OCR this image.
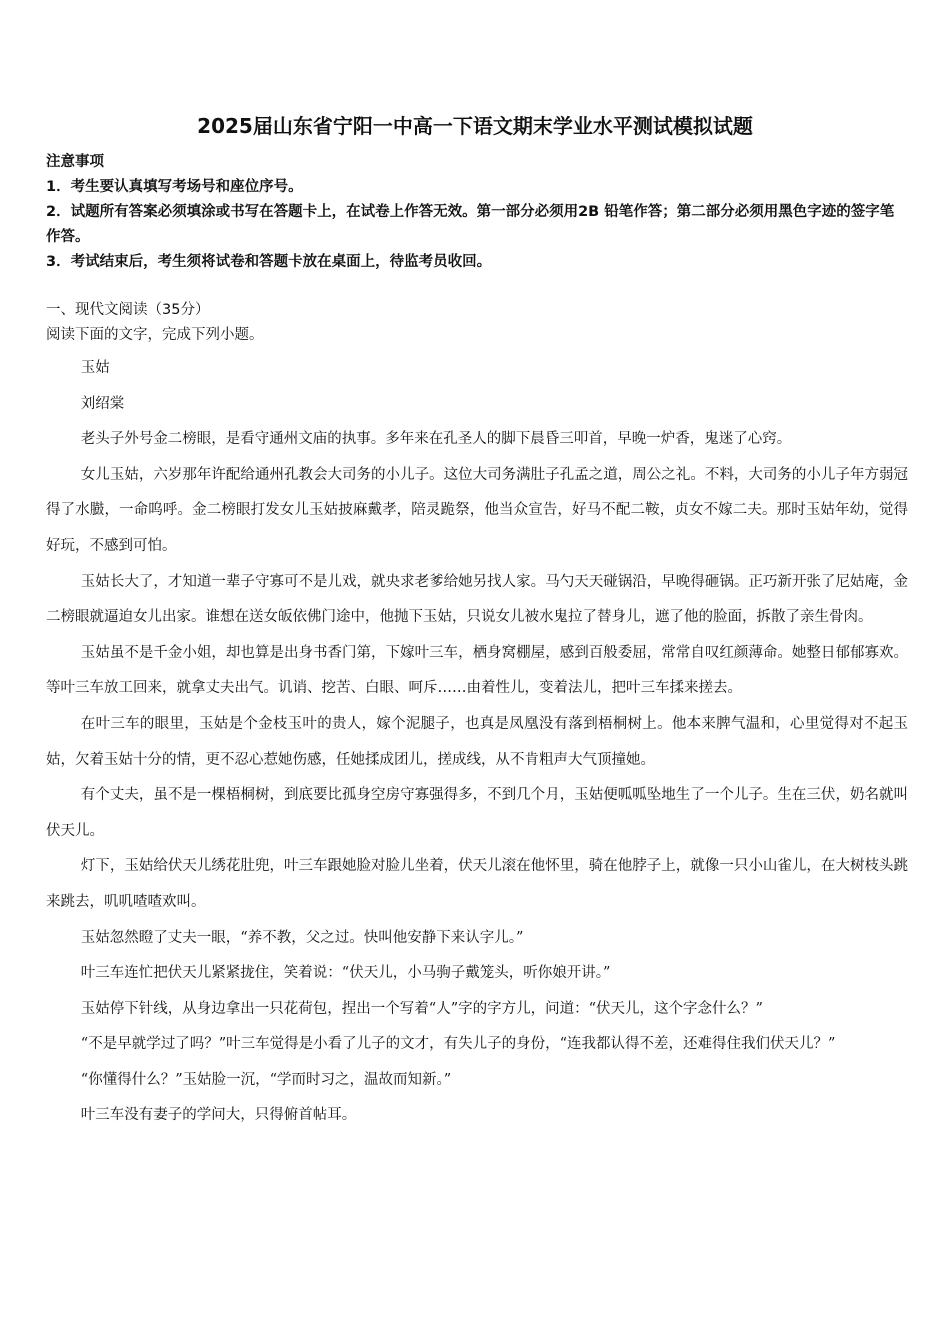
2025届山东省宁阳一中高一下语文期末学业水平测试模拟试题

注意事项

1．考生要认真填写考场号和座位序号。

2．试题所有答案必须填涂或书写在答题卡上，在试卷上作答无效。第一部分必须用2B 铅笔作答；第二部分必须用黑色字迹的签字笔作答。

3．考试结束后，考生须将试卷和答题卡放在桌面上，待监考员收回。

一、现代文阅读（35分）

阅读下面的文字，完成下列小题。

玉姑

刘绍棠

老头子外号金二榜眼，是看守通州文庙的执事。多年来在孔圣人的脚下晨昏三叩首，早晚一炉香，鬼迷了心窍。

女儿玉姑，六岁那年许配给通州孔教会大司务的小儿子。这位大司务满肚子孔孟之道，周公之礼。不料，大司务的小儿子年方弱冠得了水臌，一命呜呼。金二榜眼打发女儿玉姑披麻戴孝，陪灵跪祭，他当众宣告，好马不配二鞍，贞女不嫁二夫。那时玉姑年幼，觉得好玩，不感到可怕。

玉姑长大了，才知道一辈子守寡可不是儿戏，就央求老爹给她另找人家。马勺天天碰锅沿，早晚得砸锅。正巧新开张了尼姑庵，金二榜眼就逼迫女儿出家。谁想在送女皈依佛门途中，他抛下玉姑，只说女儿被水鬼拉了替身儿，遮了他的脸面，拆散了亲生骨肉。

玉姑虽不是千金小姐，却也算是出身书香门第，下嫁叶三车，栖身窝棚屋，感到百般委屈，常常自叹红颜薄命。她整日郁郁寡欢。等叶三车放工回来，就拿丈夫出气。讥诮、挖苦、白眼、呵斥……由着性儿，变着法儿，把叶三车揉来搓去。

在叶三车的眼里，玉姑是个金枝玉叶的贵人，嫁个泥腿子，也真是凤凰没有落到梧桐树上。他本来脾气温和，心里觉得对不起玉姑，欠着玉姑十分的情，更不忍心惹她伤感，任她揉成团儿，搓成线，从不肯粗声大气顶撞她。

有个丈夫，虽不是一棵梧桐树，到底要比孤身空房守寡强得多，不到几个月，玉姑便呱呱坠地生了一个儿子。生在三伏，奶名就叫伏天儿。

灯下，玉姑给伏天儿绣花肚兜，叶三车跟她脸对脸儿坐着，伏天儿滚在他怀里，骑在他脖子上，就像一只小山雀儿，在大树枝头跳来跳去，叽叽喳喳欢叫。

玉姑忽然瞪了丈夫一眼，“养不教，父之过。快叫他安静下来认字儿。”

叶三车连忙把伏天儿紧紧拢住，笑着说：“伏天儿，小马驹子戴笼头，听你娘开讲。”

玉姑停下针线，从身边拿出一只花荷包，捏出一个写着“人”字的字方儿，问道：“伏天儿，这个字念什么？”

“不是早就学过了吗？”叶三车觉得是小看了儿子的文才，有失儿子的身份，“连我都认得不差，还难得住我们伏天儿？”

“你懂得什么？”玉姑脸一沉，“学而时习之，温故而知新。”

叶三车没有妻子的学问大，只得俯首帖耳。
